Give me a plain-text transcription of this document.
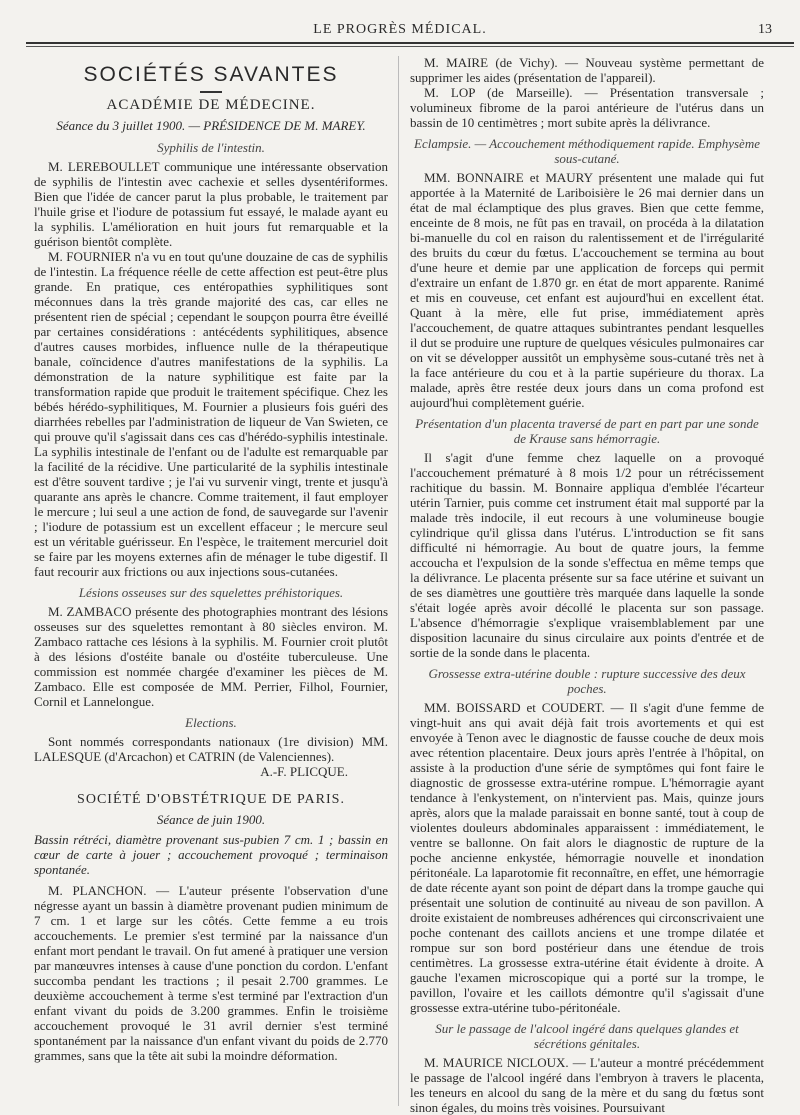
LE PROGRÈS MÉDICAL.	13
SOCIÉTÉS SAVANTES
ACADÉMIE DE MÉDECINE.
Séance du 3 juillet 1900. — PRÉSIDENCE DE M. MAREY.
Syphilis de l'intestin.

M. LEREBOULLET communique une intéressante observation de syphilis de l'intestin avec cachexie et selles dysentériformes. Bien que l'idée de cancer parut la plus probable, le traitement par l'huile grise et l'iodure de potassium fut essayé, le malade ayant eu la syphilis. L'amélioration en huit jours fut remarquable et la guérison bientôt complète.

M. FOURNIER n'a vu en tout qu'une douzaine de cas de syphilis de l'intestin. La fréquence réelle de cette affection est peut-être plus grande. En pratique, ces entéropathies syphilitiques sont méconnues dans la très grande majorité des cas, car elles ne présentent rien de spécial ; cependant le soupçon pourra être éveillé par certaines considérations : antécédents syphilitiques, absence d'autres causes morbides, influence nulle de la thérapeutique banale, coïncidence d'autres manifestations de la syphilis. La démonstration de la nature syphilitique est faite par la transformation rapide que produit le traitement spécifique. Chez les bébés hérédo-syphilitiques, M. Fournier a plusieurs fois guéri des diarrhées rebelles par l'administration de liqueur de Van Swieten, ce qui prouve qu'il s'agissait dans ces cas d'hérédo-syphilis intestinale. La syphilis intestinale de l'enfant ou de l'adulte est remarquable par la facilité de la récidive. Une particularité de la syphilis intestinale est d'être souvent tardive ; je l'ai vu survenir vingt, trente et jusqu'à quarante ans après le chancre. Comme traitement, il faut employer le mercure ; lui seul a une action de fond, de sauvegarde sur l'avenir ; l'iodure de potassium est un excellent effaceur ; le mercure seul est un véritable guérisseur. En l'espèce, le traitement mercuriel doit se faire par les moyens externes afin de ménager le tube digestif. Il faut recourir aux frictions ou aux injections sous-cutanées.

Lésions osseuses sur des squelettes préhistoriques.

M. ZAMBACO présente des photographies montrant des lésions osseuses sur des squelettes remontant à 80 siècles environ. M. Zambaco rattache ces lésions à la syphilis. M. Fournier croit plutôt à des lésions d'ostéite banale ou d'ostéite tuberculeuse. Une commission est nommée chargée d'examiner les pièces de M. Zambaco. Elle est composée de MM. Perrier, Filhol, Fournier, Cornil et Lannelongue.

Elections.

Sont nommés correspondants nationaux (1re division) MM. LALESQUE (d'Arcachon) et CATRIN (de Valenciennes).

A.-F. PLICQUE.
SOCIÉTÉ D'OBSTÉTRIQUE DE PARIS.
Séance de juin 1900.

Bassin rétréci, diamètre provenant sus-pubien 7 cm. 1 ; bassin en cœur de carte à jouer ; accouchement provoqué ; terminaison spontanée.

M. PLANCHON. — L'auteur présente l'observation d'une négresse ayant un bassin à diamètre provenant pudien minimum de 7 cm. 1 et large sur les côtés. Cette femme a eu trois accouchements. Le premier s'est terminé par la naissance d'un enfant mort pendant le travail. On fut amené à pratiquer une version par manœuvres intenses à cause d'une ponction du cordon. L'enfant succomba pendant les tractions ; il pesait 2.700 grammes. Le deuxième accouchement à terme s'est terminé par l'extraction d'un enfant vivant du poids de 3.200 grammes. Enfin le troisième accouchement provoqué le 31 avril dernier s'est terminé spontanément par la naissance d'un enfant vivant du poids de 2.770 grammes, sans que la tête ait subi la moindre déformation.

M. MAIRE (de Vichy). — Nouveau système permettant de supprimer les aides (présentation de l'appareil).

M. LOP (de Marseille). — Présentation transversale ; volumineux fibrome de la paroi antérieure de l'utérus dans un bassin de 10 centimètres ; mort subite après la délivrance.

Eclampsie. — Accouchement méthodiquement rapide. Emphysème sous-cutané.

MM. BONNAIRE et MAURY présentent une malade qui fut apportée à la Maternité de Lariboisière le 26 mai dernier dans un état de mal éclamptique des plus graves. Bien que cette femme, enceinte de 8 mois, ne fût pas en travail, on procéda à la dilatation bi-manuelle du col en raison du ralentissement et de l'irrégularité des bruits du cœur du fœtus. L'accouchement se termina au bout d'une heure et demie par une application de forceps qui permit d'extraire un enfant de 1.870 gr. en état de mort apparente. Ranimé et mis en couveuse, cet enfant est aujourd'hui en excellent état. Quant à la mère, elle fut prise, immédiatement après l'accouchement, de quatre attaques subintrantes pendant lesquelles il dut se produire une rupture de quelques vésicules pulmonaires car on vit se développer aussitôt un emphysème sous-cutané très net à la face antérieure du cou et à la partie supérieure du thorax. La malade, après être restée deux jours dans un coma profond est aujourd'hui complètement guérie.

Présentation d'un placenta traversé de part en part par une sonde de Krause sans hémorragie.

Il s'agit d'une femme chez laquelle on a provoqué l'accouchement prématuré à 8 mois 1/2 pour un rétrécissement rachitique du bassin. M. Bonnaire appliqua d'emblée l'écarteur utérin Tarnier, puis comme cet instrument était mal supporté par la malade très indocile, il eut recours à une volumineuse bougie cylindrique qu'il glissa dans l'utérus. L'introduction se fit sans difficulté ni hémorragie. Au bout de quatre jours, la femme accoucha et l'expulsion de la sonde s'effectua en même temps que la délivrance. Le placenta présente sur sa face utérine et suivant un de ses diamètres une gouttière très marquée dans laquelle la sonde s'était logée après avoir décollé le placenta sur son passage. L'absence d'hémorragie s'explique vraisemblablement par une disposition lacunaire du sinus circulaire aux points d'entrée et de sortie de la sonde dans le placenta.

Grossesse extra-utérine double : rupture successive des deux poches.

MM. BOISSARD et COUDERT. — Il s'agit d'une femme de vingt-huit ans qui avait déjà fait trois avortements et qui est envoyée à Tenon avec le diagnostic de fausse couche de deux mois avec rétention placentaire. Deux jours après l'entrée à l'hôpital, on assiste à la production d'une série de symptômes qui font faire le diagnostic de grossesse extra-utérine rompue. L'hémorragie ayant tendance à l'enkystement, on n'intervient pas. Mais, quinze jours après, alors que la malade paraissait en bonne santé, tout à coup de violentes douleurs abdominales apparaissent : immédiatement, le ventre se ballonne. On fait alors le diagnostic de rupture de la poche ancienne enkystée, hémorragie nouvelle et inondation péritonéale. La laparotomie fit reconnaître, en effet, une hémorragie de date récente ayant son point de départ dans la trompe gauche qui présentait une solution de continuité au niveau de son pavillon. A droite existaient de nombreuses adhérences qui circonscrivaient une poche contenant des caillots anciens et une trompe dilatée et rompue sur son bord postérieur dans une étendue de trois centimètres. La grossesse extra-utérine était évidente à droite. A gauche l'examen microscopique qui a porté sur la trompe, le pavillon, l'ovaire et les caillots démontre qu'il s'agissait d'une grossesse extra-utérine tubo-péritonéale.

Sur le passage de l'alcool ingéré dans quelques glandes et sécrétions génitales.

M. MAURICE NICLOUX. — L'auteur a montré précédemment le passage de l'alcool ingéré dans l'embryon à travers le placenta, les teneurs en alcool du sang de la mère et du sang du fœtus sont sinon égales, du moins très voisines. Poursuivant
